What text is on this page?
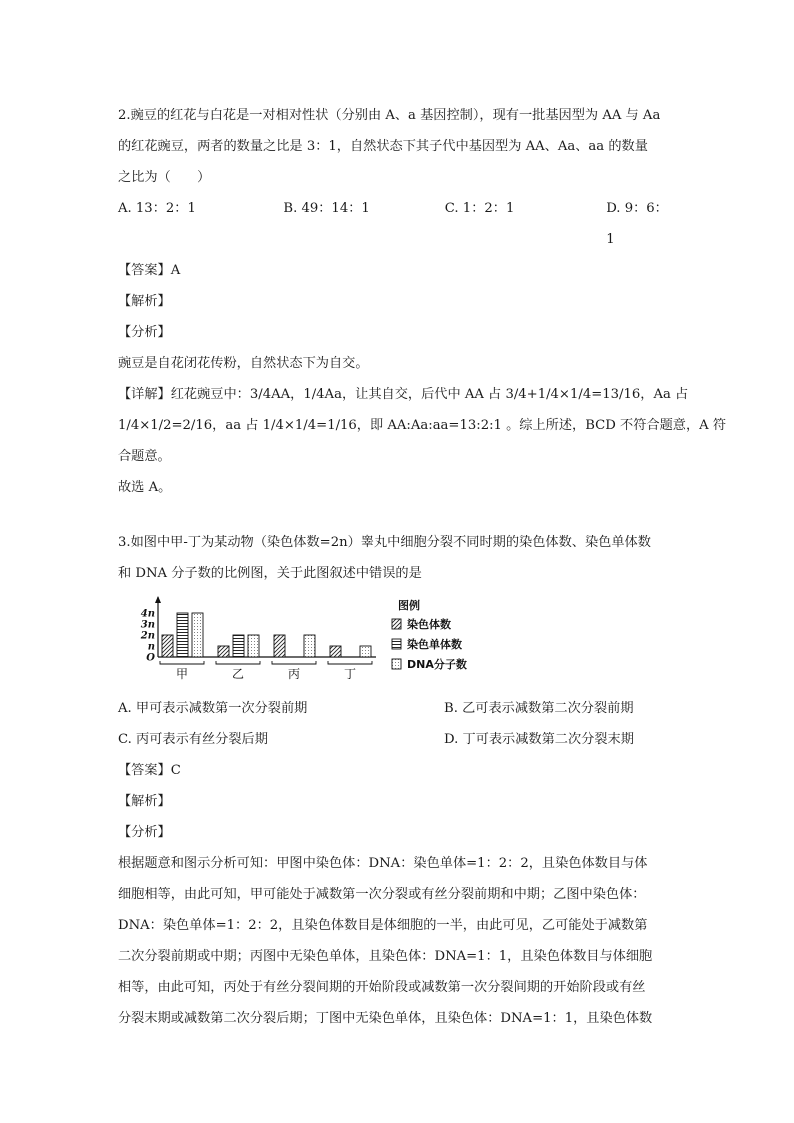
2.豌豆的红花与白花是一对相对性状（分别由 A、a 基因控制），现有一批基因型为 AA 与 Aa
的红花豌豆，两者的数量之比是 3：1，自然状态下其子代中基因型为 AA、Aa、aa 的数量
之比为（　　）
A. 13：2：1	B. 49：14：1	C. 1：2：1	D. 9：6：1
【答案】A
【解析】
【分析】
豌豆是自花闭花传粉，自然状态下为自交。
【详解】红花豌豆中：3/4AA，1/4Aa，让其自交，后代中 AA 占 3/4+1/4×1/4=13/16，Aa 占
1/4×1/2=2/16，aa 占 1/4×1/4=1/16，即 AA:Aa:aa=13:2:1 。综上所述，BCD 不符合题意，A 符
合题意。
故选 A。
3.如图中甲-丁为某动物（染色体数=2n）睾丸中细胞分裂不同时期的染色体数、染色单体数
和 DNA 分子数的比例图，关于此图叙述中错误的是
4n
3n
2n
n
O
甲	乙	丙	丁
图例
染色体数
染色单体数
DNA分子数
A. 甲可表示减数第一次分裂前期	B. 乙可表示减数第二次分裂前期
C. 丙可表示有丝分裂后期	D. 丁可表示减数第二次分裂末期
【答案】C
【解析】
【分析】
根据题意和图示分析可知：甲图中染色体：DNA：染色单体=1：2：2，且染色体数目与体
细胞相等，由此可知，甲可能处于减数第一次分裂或有丝分裂前期和中期；乙图中染色体：
DNA：染色单体=1：2：2，且染色体数目是体细胞的一半，由此可见，乙可能处于减数第
二次分裂前期或中期；丙图中无染色单体，且染色体：DNA=1：1，且染色体数目与体细胞
相等，由此可知，丙处于有丝分裂间期的开始阶段或减数第一次分裂间期的开始阶段或有丝
分裂末期或减数第二次分裂后期；丁图中无染色单体，且染色体：DNA=1：1，且染色体数
